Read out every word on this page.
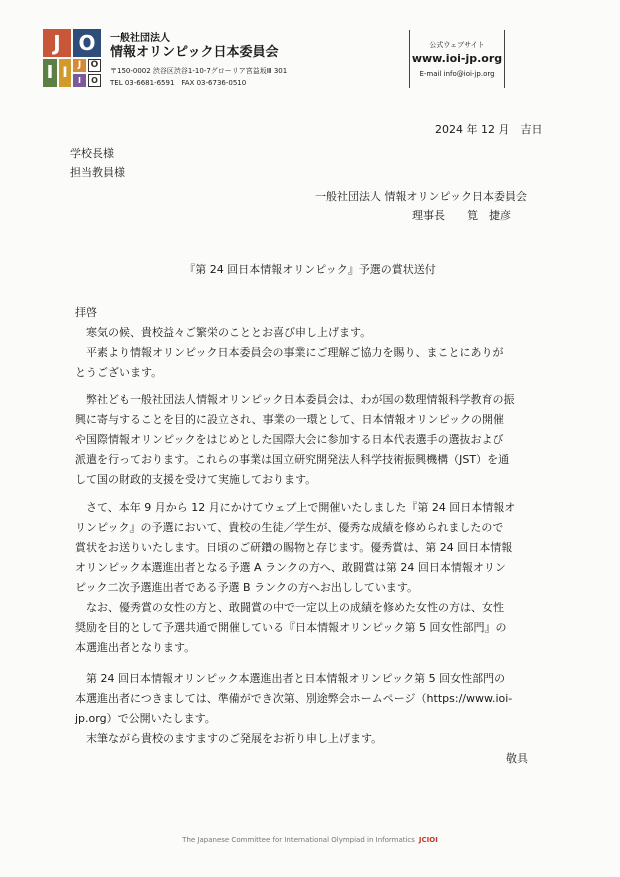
J O
I I	J	O
I	O
一般社団法人
情報オリンピック日本委員会
〒150-0002 渋谷区渋谷1-10-7グローリア宮益坂Ⅲ 301
TEL 03-6681-6591　FAX 03-6736-0510
公式ウェブサイト
www.ioi-jp.org
E-mail info@ioi-jp.org
2024 年 12 月　吉日
学校長様
担当教員様
一般社団法人 情報オリンピック日本委員会
理事長　　筧　捷彦
『第 24 回日本情報オリンピック』予選の賞状送付
拝啓
寒気の候、貴校益々ご繁栄のこととお喜び申し上げます。
平素より情報オリンピック日本委員会の事業にご理解ご協力を賜り、まことにありが
とうございます。
弊社ども一般社団法人情報オリンピック日本委員会は、わが国の数理情報科学教育の振
興に寄与することを目的に設立され、事業の一環として、日本情報オリンピックの開催
や国際情報オリンピックをはじめとした国際大会に参加する日本代表選手の選抜および
派遣を行っております。これらの事業は国立研究開発法人科学技術振興機構（JST）を通
して国の財政的支援を受けて実施しております。
さて、本年 9 月から 12 月にかけてウェブ上で開催いたしました『第 24 回日本情報オ
リンピック』の予選において、貴校の生徒／学生が、優秀な成績を修められましたので
賞状をお送りいたします。日頃のご研鑽の賜物と存じます。優秀賞は、第 24 回日本情報
オリンピック本選進出者となる予選 A ランクの方へ、敢闘賞は第 24 回日本情報オリン
ピック二次予選進出者である予選 B ランクの方へお出ししています。
なお、優秀賞の女性の方と、敢闘賞の中で一定以上の成績を修めた女性の方は、女性
奨励を目的として予選共通で開催している『日本情報オリンピック第 5 回女性部門』の
本選進出者となります。
第 24 回日本情報オリンピック本選進出者と日本情報オリンピック第 5 回女性部門の
本選進出者につきましては、準備ができ次第、別途弊会ホームページ（https://www.ioi-
jp.org）で公開いたします。
末筆ながら貴校のますますのご発展をお祈り申し上げます。
敬具
The Japanese Committee for International Olympiad in Informatics JCIOI
